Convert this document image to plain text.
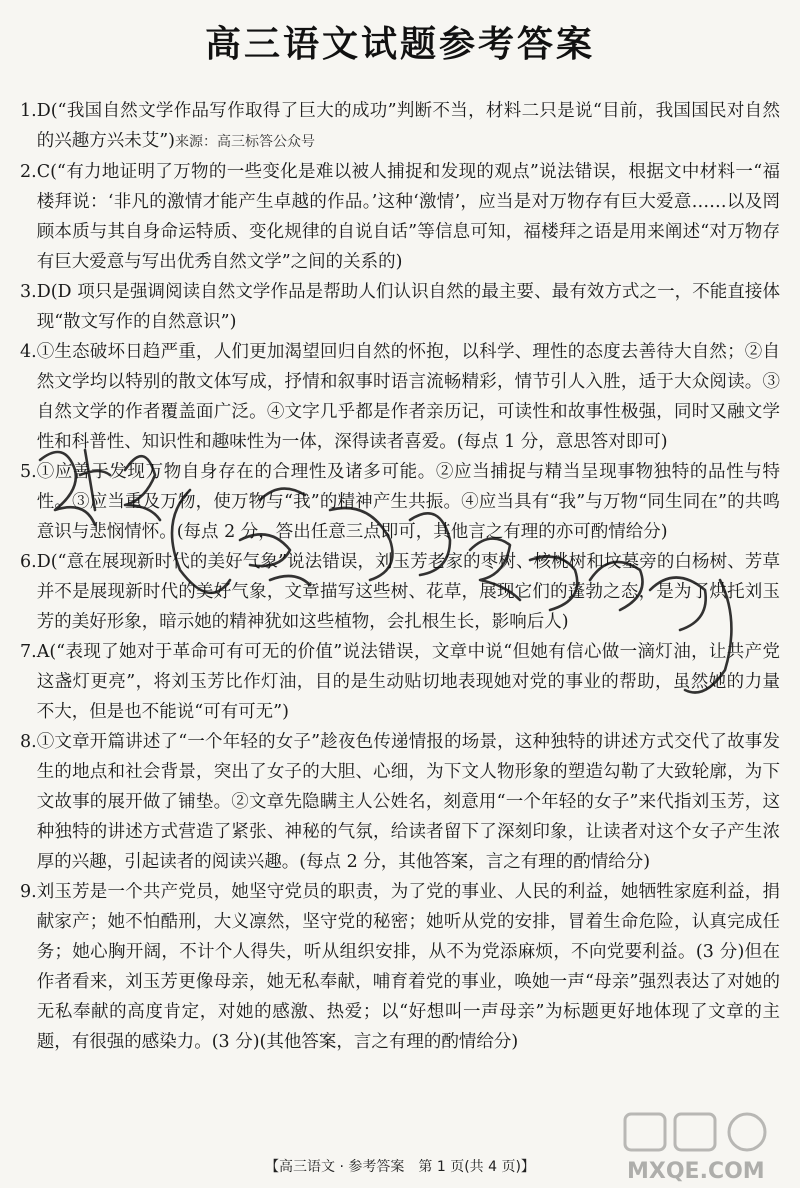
高三语文试题参考答案
1. D(“我国自然文学作品写作取得了巨大的成功”判断不当，材料二只是说“目前，我国国民对自然的兴趣方兴未艾”)来源：高三标答公众号
2. C(“有力地证明了万物的一些变化是难以被人捕捉和发现的观点”说法错误，根据文中材料一“福楼拜说：‘非凡的激情才能产生卓越的作品。’这种‘激情’，应当是对万物存有巨大爱意……以及罔顾本质与其自身命运特质、变化规律的自说自话”等信息可知，福楼拜之语是用来阐述“对万物存有巨大爱意与写出优秀自然文学”之间的关系的)
3. D(D 项只是强调阅读自然文学作品是帮助人们认识自然的最主要、最有效方式之一，不能直接体现“散文写作的自然意识”)
4. ①生态破坏日趋严重，人们更加渴望回归自然的怀抱，以科学、理性的态度去善待大自然；②自然文学均以特别的散文体写成，抒情和叙事时语言流畅精彩，情节引人入胜，适于大众阅读。③自然文学的作者覆盖面广泛。④文字几乎都是作者亲历记，可读性和故事性极强，同时又融文学性和科普性、知识性和趣味性为一体，深得读者喜爱。(每点 1 分，意思答对即可)
5. ①应善于发现万物自身存在的合理性及诸多可能。②应当捕捉与精当呈现事物独特的品性与特性。③应当重及万物，使万物与“我”的精神产生共振。④应当具有“我”与万物“同生同在”的共鸣意识与悲悯情怀。(每点 2 分，答出任意三点即可，其他言之有理的亦可酌情给分)
6. D(“意在展现新时代的美好气象”说法错误，刘玉芳老家的枣树、核桃树和坟墓旁的白杨树、芳草并不是展现新时代的美好气象，文章描写这些树、花草，展现它们的蓬勃之态，是为了烘托刘玉芳的美好形象，暗示她的精神犹如这些植物，会扎根生长，影响后人)
7. A(“表现了她对于革命可有可无的价值”说法错误，文章中说“但她有信心做一滴灯油，让共产党这盏灯更亮”，将刘玉芳比作灯油，目的是生动贴切地表现她对党的事业的帮助，虽然她的力量不大，但是也不能说“可有可无”)
8. ①文章开篇讲述了“一个年轻的女子”趁夜色传递情报的场景，这种独特的讲述方式交代了故事发生的地点和社会背景，突出了女子的大胆、心细，为下文人物形象的塑造勾勒了大致轮廓，为下文故事的展开做了铺垫。②文章先隐瞒主人公姓名，刻意用“一个年轻的女子”来代指刘玉芳，这种独特的讲述方式营造了紧张、神秘的气氛，给读者留下了深刻印象，让读者对这个女子产生浓厚的兴趣，引起读者的阅读兴趣。(每点 2 分，其他答案，言之有理的酌情给分)
9. 刘玉芳是一个共产党员，她坚守党员的职责，为了党的事业、人民的利益，她牺牲家庭利益，捐献家产；她不怕酷刑，大义凛然，坚守党的秘密；她听从党的安排，冒着生命危险，认真完成任务；她心胸开阔，不计个人得失，听从组织安排，从不为党添麻烦，不向党要利益。(3 分)但在作者看来，刘玉芳更像母亲，她无私奉献，哺育着党的事业，唤她一声“母亲”强烈表达了对她的无私奉献的高度肯定，对她的感激、热爱；以“好想叫一声母亲”为标题更好地体现了文章的主题，有很强的感染力。(3 分)(其他答案，言之有理的酌情给分)
MXQE.COM
【高三语文 · 参考答案　第 1 页(共 4 页)】
